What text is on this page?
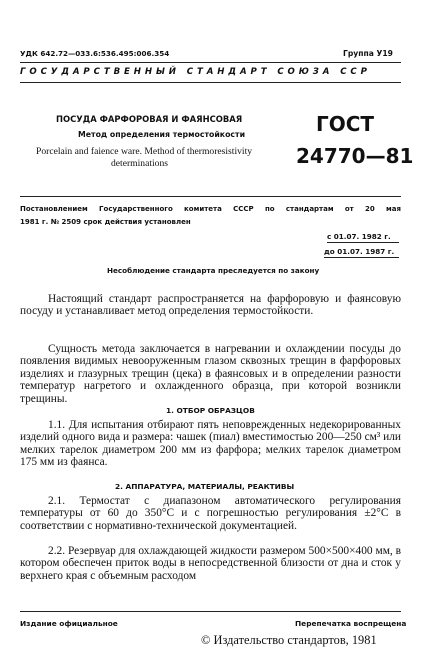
УДК 642.72—033.6:536.495:006.354	Группа У19
ГОСУДАРСТВЕННЫЙ СТАНДАРТ СОЮЗА ССР
ПОСУДА ФАРФОРОВАЯ И ФАЯНСОВАЯ
Метод определения термостойкости
Porcelain and faience ware. Method of thermoresistivity
determinations
ГОСТ
24770—81
Постановлением Государственного комитета СССР по стандартам от 20 мая
1981 г. № 2509 срок действия установлен
с 01.07. 1982 г.
до 01.07. 1987 г.
Несоблюдение стандарта преследуется по закону
Настоящий стандарт распространяется на фарфоровую и фаянсовую посуду и устанавливает метод определения термостойкости.
Сущность метода заключается в нагревании и охлаждении посуды до появления видимых невооруженным глазом сквозных трещин в фарфоровых изделиях и глазурных трещин (цека) в фаянсовых и в определении разности температур нагретого и охлажденного образца, при которой возникли трещины.
1. ОТБОР ОБРАЗЦОВ
1.1. Для испытания отбирают пять неповрежденных недекорированных изделий одного вида и размера: чашек (пиал) вместимостью 200—250 см³ или мелких тарелок диаметром 200 мм из фарфора; мелких тарелок диаметром 175 мм из фаянса.
2. АППАРАТУРА, МАТЕРИАЛЫ, РЕАКТИВЫ
2.1. Термостат с диапазоном автоматического регулирования температуры от 60 до 350°С и с погрешностью регулирования ±2°С в соответствии с нормативно-технической документацией.
2.2. Резервуар для охлаждающей жидкости размером 500×500×400 мм, в котором обеспечен приток воды в непосредственной близости от дна и сток у верхнего края с объемным расходом
Издание официальное	Перепечатка воспрещена
© Издательство стандартов, 1981
